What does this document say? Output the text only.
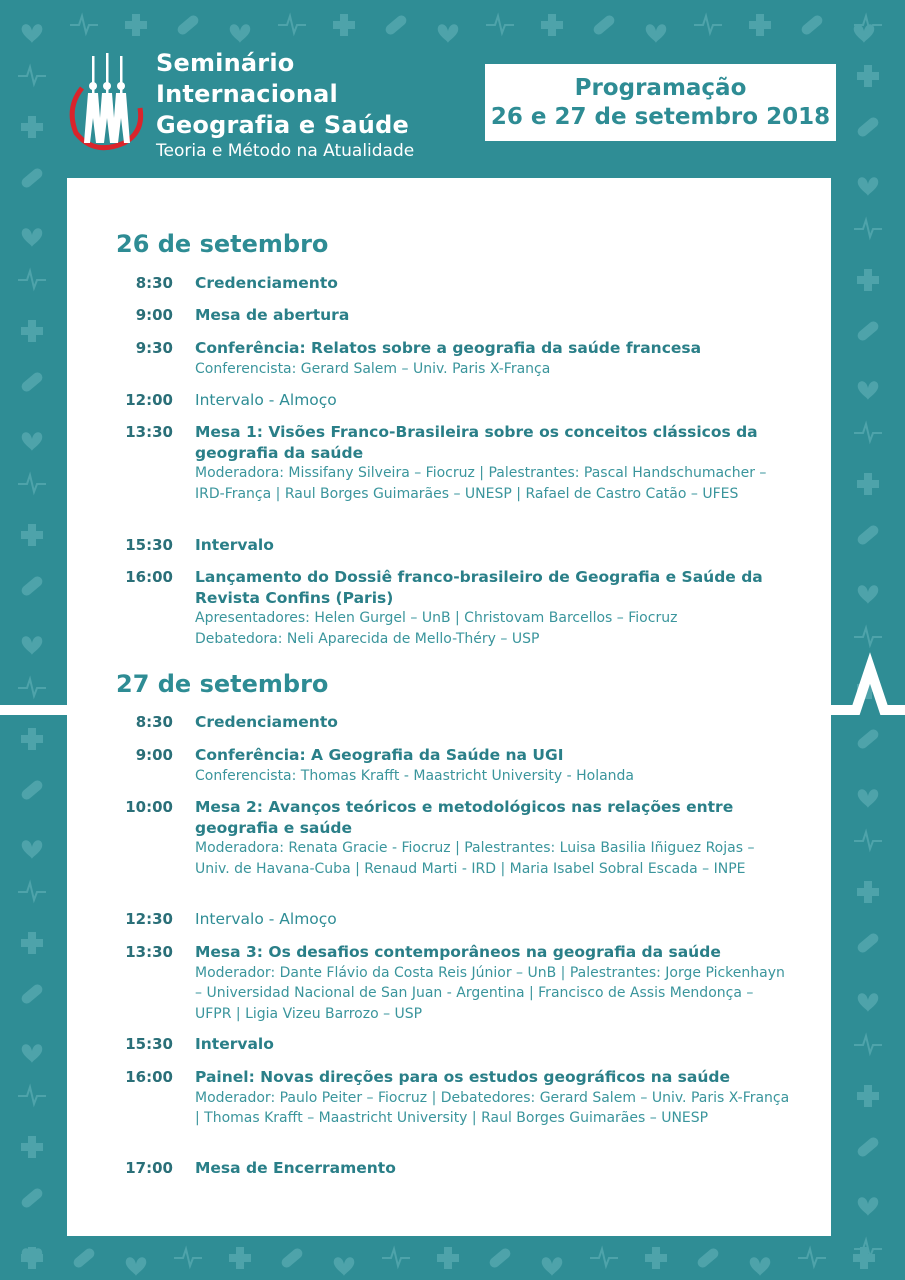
Seminário
Internacional
Geografia e Saúde
Teoria e Método na Atualidade
Programação
26 e 27 de setembro 2018
26 de setembro
8:30 Credenciamento
9:00 Mesa de abertura
9:30 Conferência: Relatos sobre a geografia da saúde francesa
Conferencista: Gerard Salem – Univ. Paris X-França
12:00 Intervalo - Almoço
13:30 Mesa 1: Visões Franco-Brasileira sobre os conceitos clássicos da geografia da saúde
Moderadora: Missifany Silveira – Fiocruz | Palestrantes: Pascal Handschumacher – IRD-França | Raul Borges Guimarães – UNESP | Rafael de Castro Catão – UFES
15:30 Intervalo
16:00 Lançamento do Dossiê franco-brasileiro de Geografia e Saúde da Revista Confins (Paris)
Apresentadores: Helen Gurgel – UnB | Christovam Barcellos – Fiocruz
Debatedora: Neli Aparecida de Mello-Théry – USP
27 de setembro
8:30 Credenciamento
9:00 Conferência: A Geografia da Saúde na UGI
Conferencista: Thomas Krafft - Maastricht University - Holanda
10:00 Mesa 2: Avanços teóricos e metodológicos nas relações entre geografia e saúde
Moderadora: Renata Gracie - Fiocruz | Palestrantes: Luisa Basilia Iñiguez Rojas – Univ. de Havana-Cuba | Renaud Marti - IRD | Maria Isabel Sobral Escada – INPE
12:30 Intervalo - Almoço
13:30 Mesa 3: Os desafios contemporâneos na geografia da saúde
Moderador: Dante Flávio da Costa Reis Júnior – UnB | Palestrantes: Jorge Pickenhayn – Universidad Nacional de San Juan - Argentina | Francisco de Assis Mendonça – UFPR | Ligia Vizeu Barrozo – USP
15:30 Intervalo
16:00 Painel: Novas direções para os estudos geográficos na saúde
Moderador: Paulo Peiter – Fiocruz | Debatedores: Gerard Salem – Univ. Paris X-França | Thomas Krafft – Maastricht University | Raul Borges Guimarães – UNESP
17:00 Mesa de Encerramento
